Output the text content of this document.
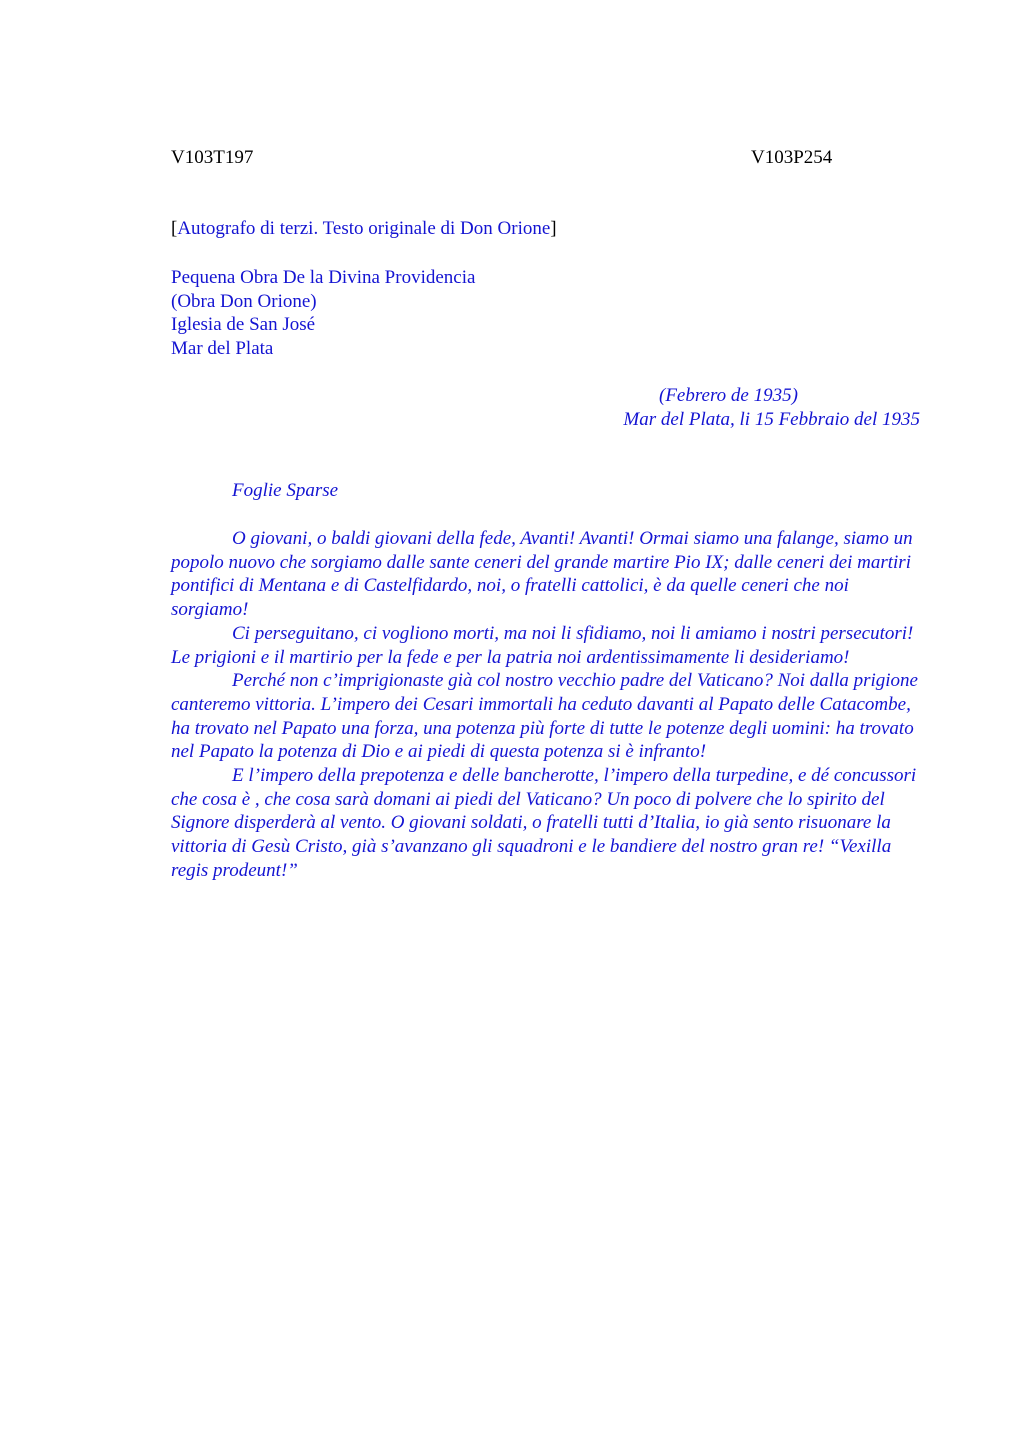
V103T197	V103P254
[Autografo di terzi. Testo originale di Don Orione]
Pequena Obra De la Divina Providencia
(Obra Don Orione)
Iglesia de San José
Mar del Plata
(Febrero de 1935)
Mar del Plata, li 15 Febbraio del 1935
Foglie Sparse

O giovani, o baldi giovani della fede, Avanti! Avanti! Ormai siamo una falange, siamo un popolo nuovo che sorgiamo dalle sante ceneri del grande martire Pio IX; dalle ceneri dei martiri pontifici di Mentana e di Castelfidardo, noi, o fratelli cattolici, è da quelle ceneri che noi sorgiamo!

Ci perseguitano, ci vogliono morti, ma noi li sfidiamo, noi li amiamo i nostri persecutori! Le prigioni e il martirio per la fede e per la patria noi ardentissimamente li desideriamo!

Perché non c’imprigionaste già col nostro vecchio padre del Vaticano? Noi dalla prigione canteremo vittoria. L’impero dei Cesari immortali ha ceduto davanti al Papato delle Catacombe, ha trovato nel Papato una forza, una potenza più forte di tutte le potenze degli uomini: ha trovato nel Papato la potenza di Dio e ai piedi di questa potenza si è infranto!

E l’impero della prepotenza e delle bancherotte, l’impero della turpedine, e dé concussori che cosa è , che cosa sarà domani ai piedi del Vaticano? Un poco di polvere che lo spirito del Signore disperderà al vento. O giovani soldati, o fratelli tutti d’Italia, io già sento risuonare la vittoria di Gesù Cristo, già s’avanzano gli squadroni e le bandiere del nostro gran re! “Vexilla regis prodeunt!”
